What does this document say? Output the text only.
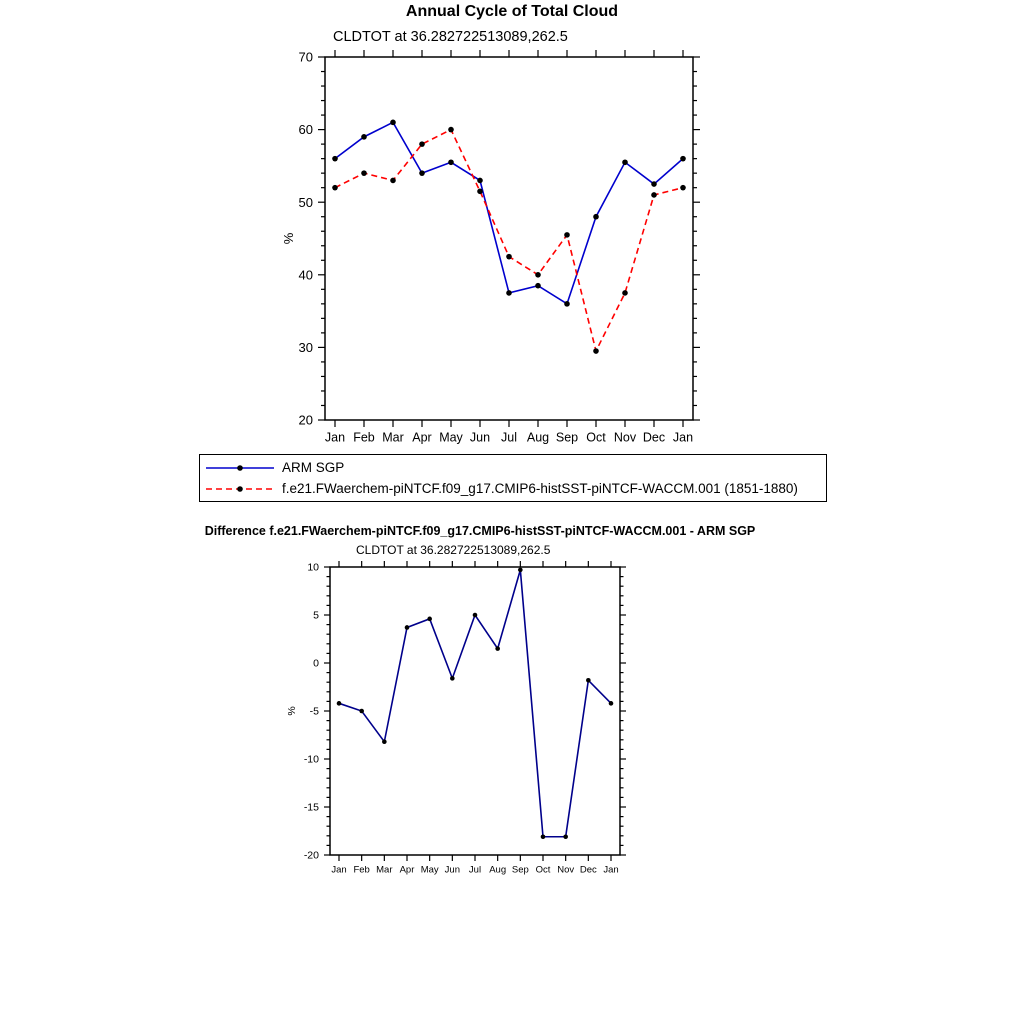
20
30
40
50
60
70
Jan Feb Mar Apr May Jun Jul Aug Sep Oct Nov Dec Jan
%
-20
-15
-10
-5
0
5
10
Jan Feb Mar Apr May Jun Jul Aug Sep Oct Nov Dec Jan
%
Annual Cycle of Total Cloud
CLDTOT at 36.282722513089,262.5
ARM SGP
f.e21.FWaerchem-piNTCF.f09_g17.CMIP6-histSST-piNTCF-WACCM.001 (1851-1880)
Difference f.e21.FWaerchem-piNTCF.f09_g17.CMIP6-histSST-piNTCF-WACCM.001 - ARM SGP
CLDTOT at 36.282722513089,262.5
